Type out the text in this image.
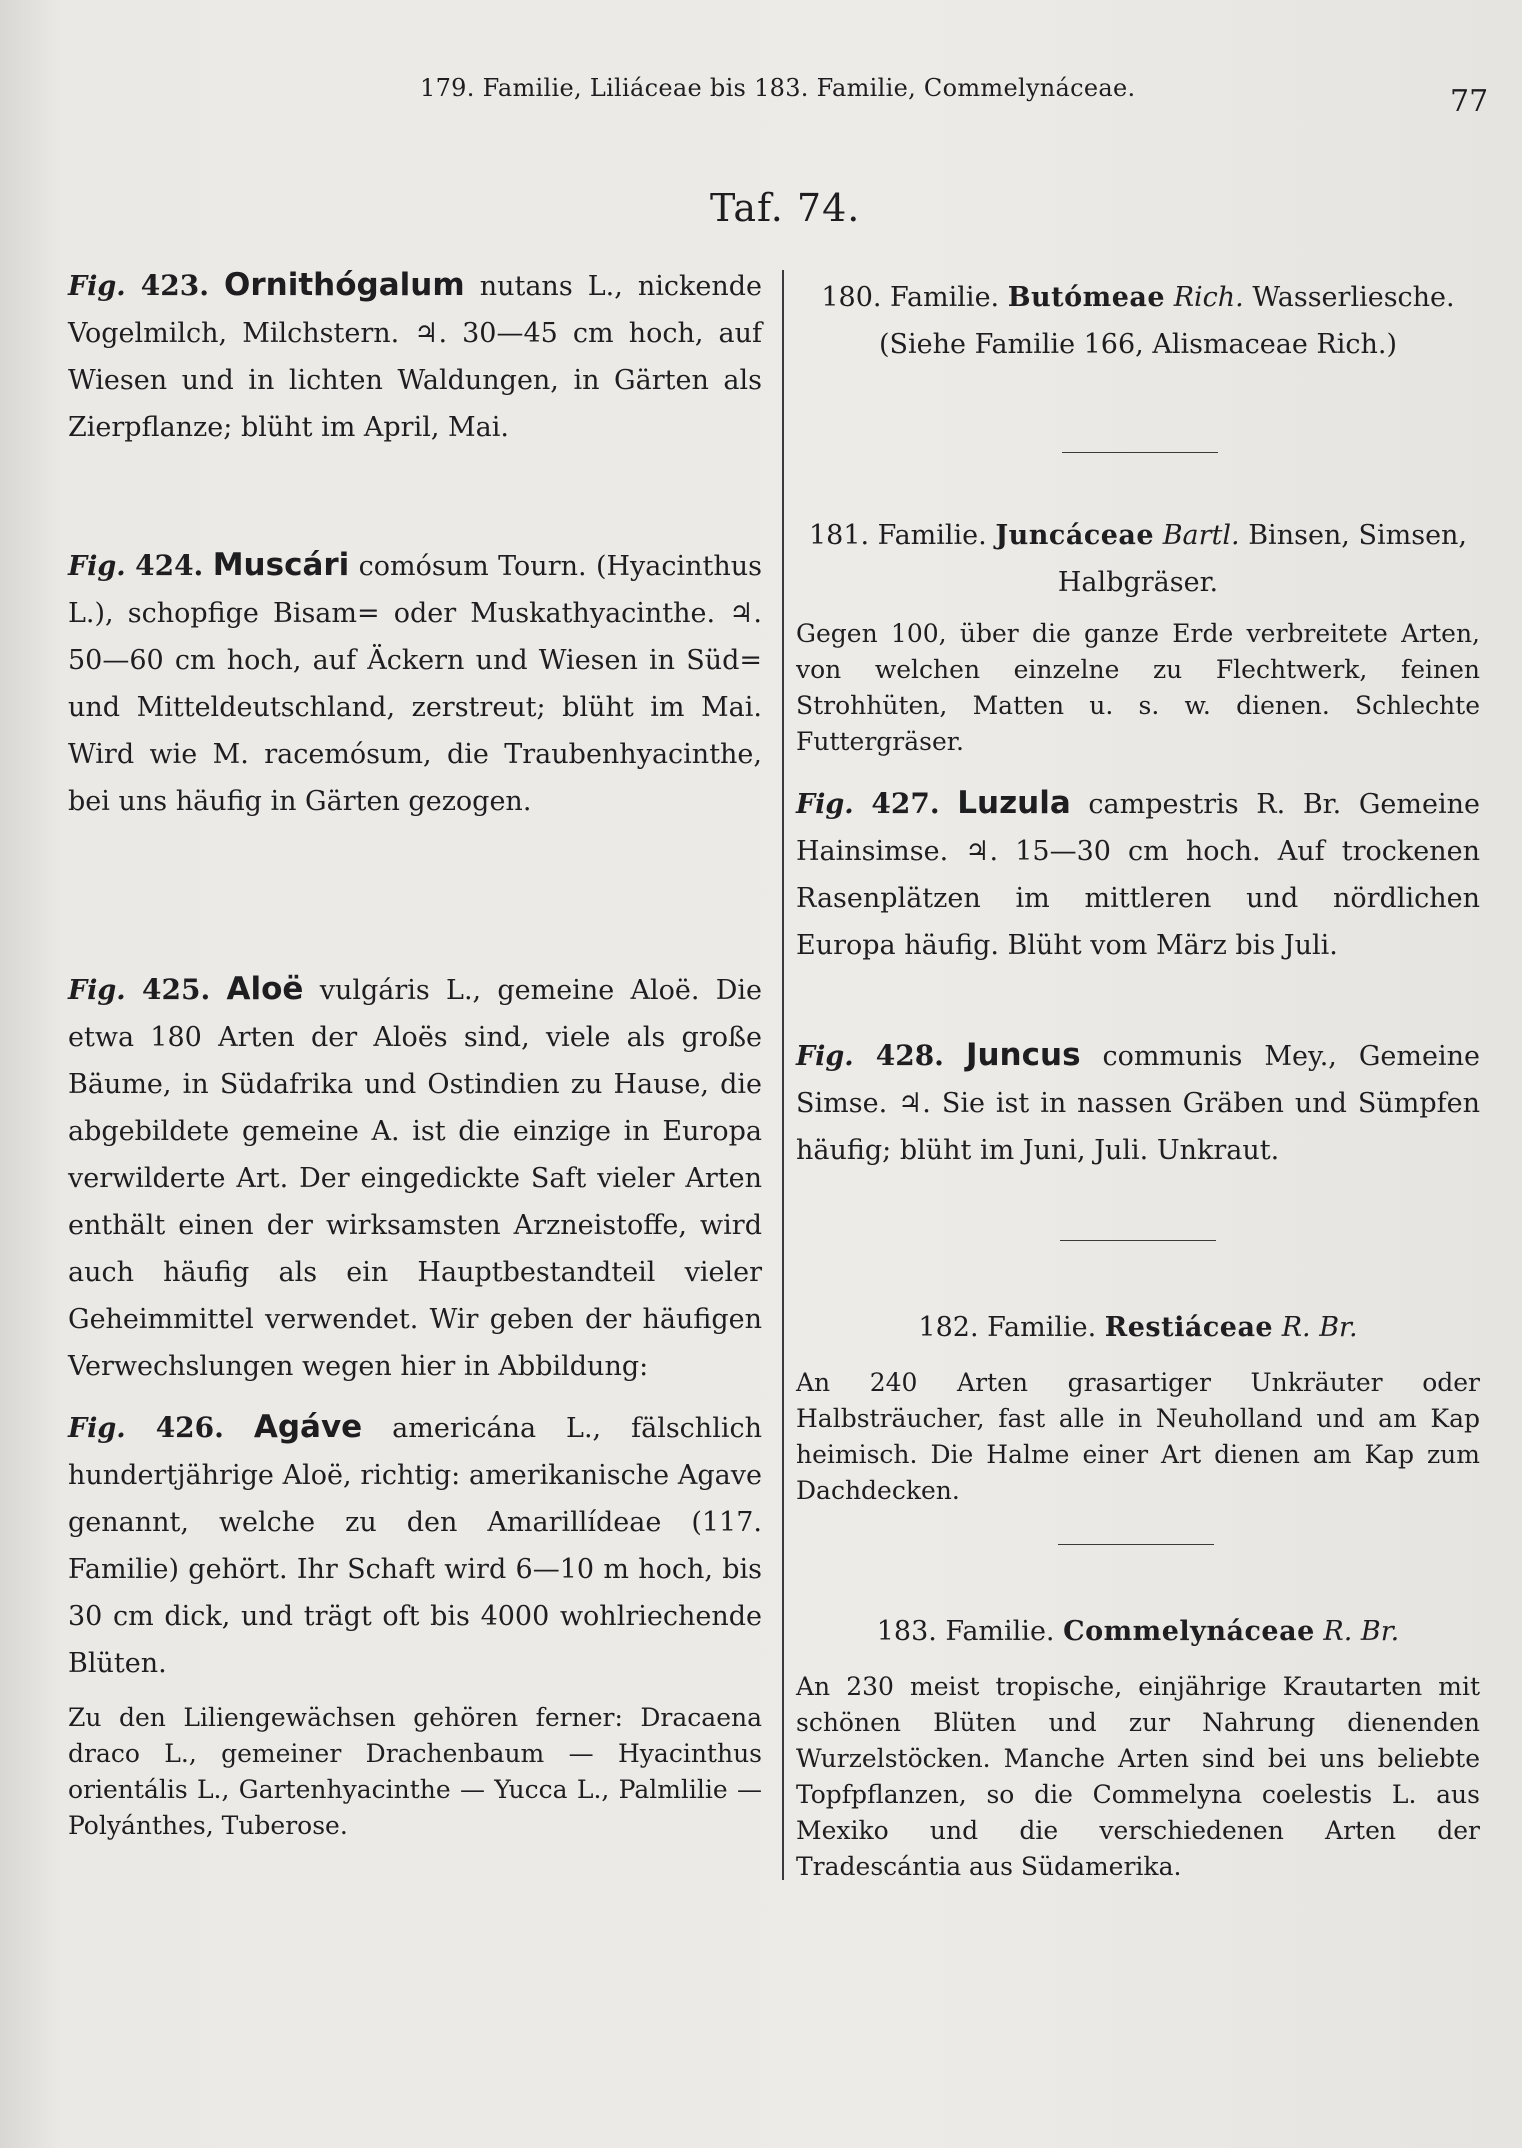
179. Familie, Liliáceae bis 183. Familie, Commelynáceae.	77
Taf. 74.

Fig. 423. Ornithógalum nutans L., nickende Vogelmilch, Milchstern. ♃. 30—45 cm hoch, auf Wiesen und in lichten Waldungen, in Gärten als Zierpflanze; blüht im April, Mai.

Fig. 424. Muscári comósum Tourn. (Hyacinthus L.), schopfige Bisam= oder Muskathyacinthe. ♃. 50—60 cm hoch, auf Äckern und Wiesen in Süd= und Mitteldeutschland, zerstreut; blüht im Mai. Wird wie M. racemósum, die Traubenhyacinthe, bei uns häufig in Gärten gezogen.

Fig. 425. Aloë vulgáris L., gemeine Aloë. Die etwa 180 Arten der Aloës sind, viele als große Bäume, in Südafrika und Ostindien zu Hause, die abgebildete gemeine A. ist die einzige in Europa verwilderte Art. Der eingedickte Saft vieler Arten enthält einen der wirksamsten Arzneistoffe, wird auch häufig als ein Hauptbestandteil vieler Geheimmittel verwendet. Wir geben der häufigen Verwechslungen wegen hier in Abbildung:

Fig. 426. Agáve americána L., fälschlich hundertjährige Aloë, richtig: amerikanische Agave genannt, welche zu den Amarillídeae (117. Familie) gehört. Ihr Schaft wird 6—10 m hoch, bis 30 cm dick, und trägt oft bis 4000 wohlriechende Blüten.

Zu den Liliengewächsen gehören ferner: Dracaena draco L., gemeiner Drachenbaum — Hyacinthus orientális L., Gartenhyacinthe — Yucca L., Palmlilie — Polyánthes, Tuberose.

180. Familie. Butómeae Rich. Wasserliesche.

(Siehe Familie 166, Alismaceae Rich.)

181. Familie. Juncáceae Bartl. Binsen, Simsen, Halbgräser.

Gegen 100, über die ganze Erde verbreitete Arten, von welchen einzelne zu Flechtwerk, feinen Strohhüten, Matten u. s. w. dienen. Schlechte Futtergräser.

Fig. 427. Luzula campestris R. Br. Gemeine Hainsimse. ♃. 15—30 cm hoch. Auf trockenen Rasenplätzen im mittleren und nördlichen Europa häufig. Blüht vom März bis Juli.

Fig. 428. Juncus communis Mey., Gemeine Simse. ♃. Sie ist in nassen Gräben und Sümpfen häufig; blüht im Juni, Juli. Unkraut.

182. Familie. Restiáceae R. Br.

An 240 Arten grasartiger Unkräuter oder Halbsträucher, fast alle in Neuholland und am Kap heimisch. Die Halme einer Art dienen am Kap zum Dachdecken.

183. Familie. Commelynáceae R. Br.

An 230 meist tropische, einjährige Krautarten mit schönen Blüten und zur Nahrung dienenden Wurzelstöcken. Manche Arten sind bei uns beliebte Topfpflanzen, so die Commelyna coelestis L. aus Mexiko und die verschiedenen Arten der Tradescántia aus Südamerika.
